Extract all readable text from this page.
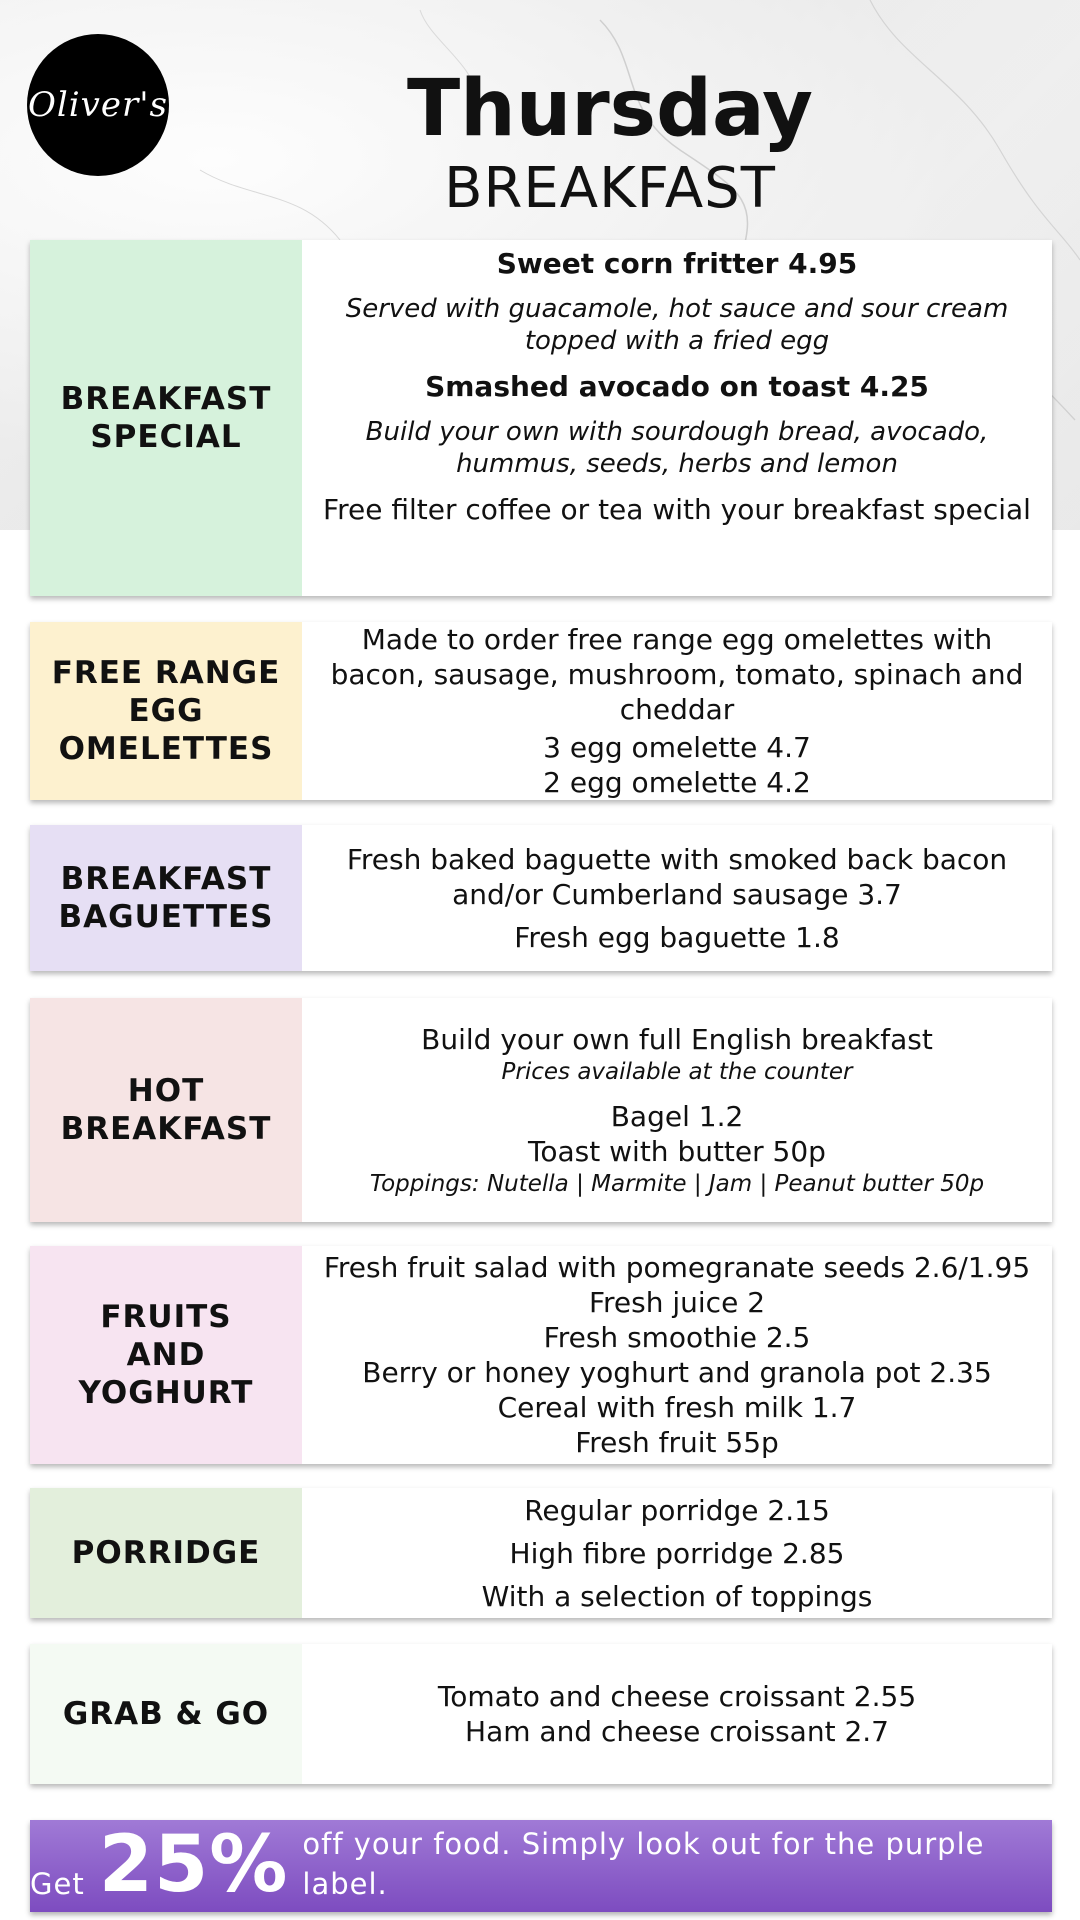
Oliver's	Thursday
BREAKFAST
BREAKFAST SPECIAL
Sweet corn fritter 4.95
Served with guacamole, hot sauce and sour cream topped with a fried egg
Smashed avocado on toast 4.25
Build your own with sourdough bread, avocado, hummus, seeds, herbs and lemon
Free filter coffee or tea with your breakfast special
FREE RANGE EGG OMELETTES
Made to order free range egg omelettes with bacon, sausage, mushroom, tomato, spinach and cheddar
3 egg omelette 4.7
2 egg omelette 4.2
BREAKFAST BAGUETTES
Fresh baked baguette with smoked back bacon and/or Cumberland sausage 3.7
Fresh egg baguette 1.8
HOT BREAKFAST
Build your own full English breakfast
Prices available at the counter
Bagel 1.2
Toast with butter 50p
Toppings: Nutella | Marmite | Jam | Peanut butter 50p
FRUITS AND YOGHURT
Fresh fruit salad with pomegranate seeds 2.6/1.95
Fresh juice 2
Fresh smoothie 2.5
Berry or honey yoghurt and granola pot 2.35
Cereal with fresh milk 1.7
Fresh fruit 55p
PORRIDGE
Regular porridge 2.15
High fibre porridge 2.85
With a selection of toppings
GRAB & GO	Tomato and cheese croissant 2.55
Ham and cheese croissant 2.7
Get 25% off your food. Simply look out for the purple label.
